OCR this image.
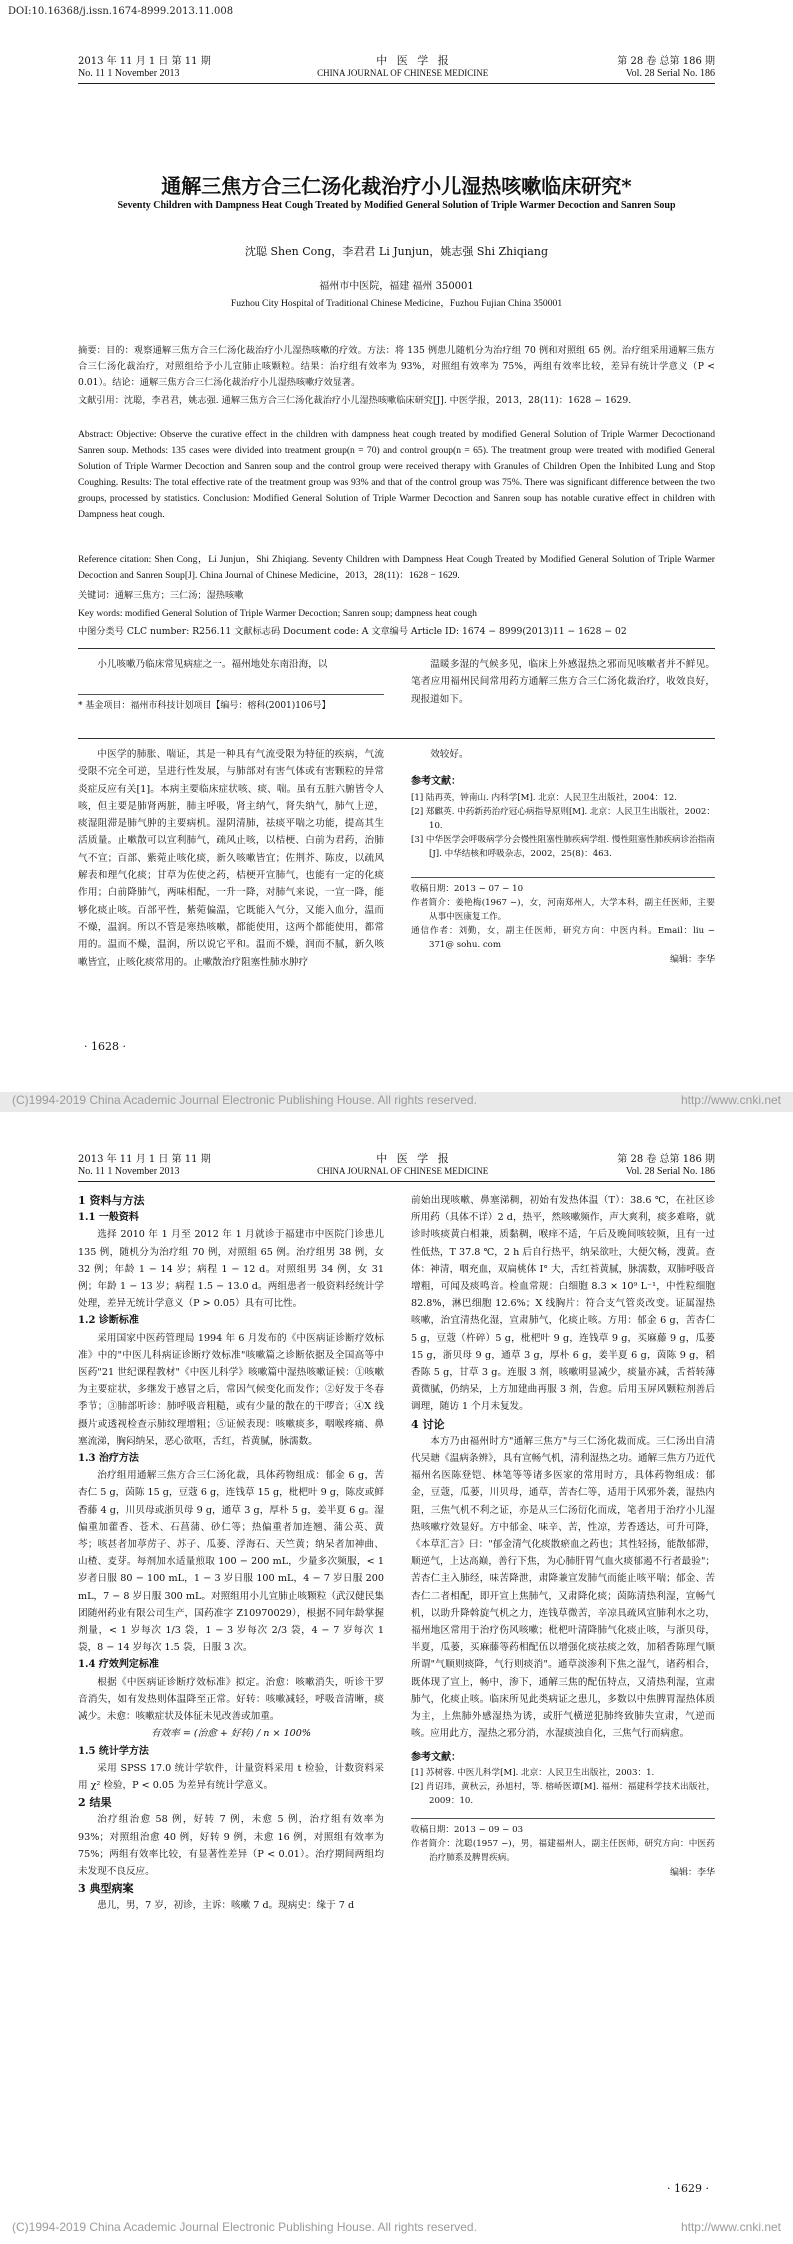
DOI:10.16368/j.issn.1674-8999.2013.11.008
2013 年 11 月 1 日 第 11 期	中 医 学 报	第 28 卷 总第 186 期
No. 11 1 November 2013	CHINA JOURNAL OF CHINESE MEDICINE	Vol. 28 Serial No. 186
通解三焦方合三仁汤化裁治疗小儿湿热咳嗽临床研究*
Seventy Children with Dampness Heat Cough Treated by Modified General Solution of Triple Warmer Decoction and Sanren Soup
沈聪 Shen Cong，李君君 Li Junjun，姚志强 Shi Zhiqiang
福州市中医院，福建 福州 350001
Fuzhou City Hospital of Traditional Chinese Medicine，Fuzhou Fujian China 350001
摘要：目的：观察通解三焦方合三仁汤化裁治疗小儿湿热咳嗽的疗效。方法：将 135 例患儿随机分为治疗组 70 例和对照组 65 例。治疗组采用通解三焦方合三仁汤化裁治疗，对照组给予小儿宣肺止咳颗粒。结果：治疗组有效率为 93%，对照组有效率为 75%，两组有效率比较，差异有统计学意义（P < 0.01）。结论：通解三焦方合三仁汤化裁治疗小儿湿热咳嗽疗效显著。
文献引用：沈聪，李君君，姚志强. 通解三焦方合三仁汤化裁治疗小儿湿热咳嗽临床研究[J]. 中医学报，2013，28(11)：1628 − 1629.
Abstract: Objective: Observe the curative effect in the children with dampness heat cough treated by modified General Solution of Triple Warmer Decoctionand Sanren soup. Methods: 135 cases were divided into treatment group(n = 70) and control group(n = 65). The treatment group were treated with modified General Solution of Triple Warmer Decoction and Sanren soup and the control group were received therapy with Granules of Children Open the Inhibited Lung and Stop Coughing. Results: The total effective rate of the treatment group was 93% and that of the control group was 75%. There was significant difference between the two groups, processed by statistics. Conclusion: Modified General Solution of Triple Warmer Decoction and Sanren soup has notable curative effect in children with Dampness heat cough.
Reference citation: Shen Cong，Li Junjun，Shi Zhiqiang. Seventy Children with Dampness Heat Cough Treated by Modified General Solution of Triple Warmer Decoction and Sanren Soup[J]. China Journal of Chinese Medicine，2013，28(11)：1628 − 1629.
关键词：通解三焦方；三仁汤；湿热咳嗽
Key words: modified General Solution of Triple Warmer Decoction; Sanren soup; dampness heat cough
中图分类号 CLC number: R256.11 文献标志码 Document code: A 文章编号 Article ID: 1674 − 8999(2013)11 − 1628 − 02

小儿咳嗽乃临床常见病症之一。福州地处东南沿海，以	温暖多湿的气候多见，临床上外感湿热之邪而见咳嗽者并不鲜见。笔者应用福州民间常用药方通解三焦方合三仁汤化裁治疗，收效良好，现报道如下。

* 基金项目：福州市科技计划项目【编号：榕科(2001)106号】

中医学的肺胀、喘证，其是一种具有气流受限为特征的疾病，气流受限不完全可逆，呈进行性发展，与肺部对有害气体或有害颗粒的异常炎症反应有关[1]。本病主要临床症状咳、痰、喘。虽有五脏六腑皆令人咳，但主要是肺肾两脏，肺主呼吸，肾主纳气，肾失纳气，肺气上逆，痰湿阻滞是肺气肿的主要病机。湿阴清肺，祛痰平喘之功能，提高其生活质量。止嗽散可以宣利肺气，疏风止咳，以桔梗、白前为君药，治肺气不宣；百部、紫菀止咳化痰，新久咳嗽皆宜；佐荆芥、陈皮，以疏风解表和理气化痰；甘草为佐使之药，桔梗开宣肺气，也能有一定的化痰作用；白前降肺气，两味相配，一升一降，对肺气来说，一宣一降，能够化痰止咳。百部平性，紫菀偏温，它既能入气分，又能入血分，温而不燥，温润。所以不管是寒热咳嗽，都能使用，这两个都能使用，都常用的。温而不燥，温润，所以说它平和。温而不燥，润而不腻，新久咳嗽皆宜，止咳化痰常用的。止嗽散治疗阻塞性肺水肿疗

效较好。

参考文献：

[1] 陆再英，钟南山. 内科学[M]. 北京：人民卫生出版社，2004：12.
[2] 郑麒英. 中药新药治疗冠心病指导原则[M]. 北京：人民卫生出版社，2002：10.
[3] 中华医学会呼吸病学分会慢性阻塞性肺疾病学组. 慢性阻塞性肺疾病诊治指南[J]. 中华结核和呼吸杂志，2002，25(8)：463.
收稿日期：2013 − 07 − 10
作者简介：姜艳梅(1967 −)，女，河南郑州人，大学本科，副主任医师，主要从事中医康复工作。
通信作者：刘勤，女，副主任医师，研究方向：中医内科。Email：liu − 371@ sohu. com

编辑：李华

· 1628 ·
(C)1994-2019 China Academic Journal Electronic Publishing House. All rights reserved.	http://www.cnki.net
2013 年 11 月 1 日 第 11 期	中 医 学 报	第 28 卷 总第 186 期
No. 11 1 November 2013	CHINA JOURNAL OF CHINESE MEDICINE	Vol. 28 Serial No. 186

1 资料与方法

1.1 一般资料

选择 2010 年 1 月至 2012 年 1 月就诊于福建市中医院门诊患儿 135 例，随机分为治疗组 70 例，对照组 65 例。治疗组男 38 例，女 32 例；年龄 1 − 14 岁；病程 1 − 12 d。对照组男 34 例，女 31 例；年龄 1 − 13 岁；病程 1.5 − 13.0 d。两组患者一般资料经统计学处理，差异无统计学意义（P > 0.05）具有可比性。

1.2 诊断标准

采用国家中医药管理局 1994 年 6 月发布的《中医病证诊断疗效标准》中的"中医儿科病证诊断疗效标准"咳嗽篇之诊断依据及全国高等中医药"21 世纪课程教材"《中医儿科学》咳嗽篇中湿热咳嗽证候：①咳嗽为主要症状，多继发于感冒之后，常因气候变化而发作；②好发于冬春季节；③肺部听诊：肺呼吸音粗糙，或有少量的散在的干啰音；④X 线摄片或透视检查示肺纹理增粗；⑤证候表现：咳嗽痰多，咽喉疼痛、鼻塞流涕，胸闷纳呆，恶心欲呕，舌红，苔黄腻，脉濡数。

1.3 治疗方法

治疗组用通解三焦方合三仁汤化裁，具体药物组成：郁金 6 g，苦杏仁 5 g，茵陈 15 g，豆蔻 6 g，连钱草 15 g，枇杷叶 9 g，陈皮或鲜香藤 4 g，川贝母或浙贝母 9 g，通草 3 g，厚朴 5 g，姜半夏 6 g。湿偏重加藿香、苍术、石菖蒲、砂仁等；热偏重者加连翘、蒲公英、黄芩；咳甚者加葶苈子、苏子、瓜蒌、浮海石、天竺黄；纳呆者加神曲、山楂、麦芽。每剂加水适量煎取 100 − 200 mL，少量多次频服，< 1 岁者日服 80 − 100 mL，1 − 3 岁日服 100 mL，4 − 7 岁日服 200 mL，7 − 8 岁日服 300 mL。对照组用小儿宣肺止咳颗粒（武汉健民集团随州药业有限公司生产，国药准字 Z10970029），根据不同年龄掌握剂量，< 1 岁每次 1/3 袋，1 − 3 岁每次 2/3 袋，4 − 7 岁每次 1 袋，8 − 14 岁每次 1.5 袋，日服 3 次。

1.4 疗效判定标准

根据《中医病证诊断疗效标准》拟定。治愈：咳嗽消失，听诊干罗音消失，如有发热则体温降至正常。好转：咳嗽减轻，呼吸音清晰，痰减少。未愈：咳嗽症状及体征未见改善或加重。

有效率 = (治愈 + 好转) / n × 100%

1.5 统计学方法

采用 SPSS 17.0 统计学软件，计量资料采用 t 检验，计数资料采用 χ² 检验，P < 0.05 为差异有统计学意义。

2 结果

治疗组治愈 58 例，好转 7 例，未愈 5 例，治疗组有效率为 93%；对照组治愈 40 例，好转 9 例，未愈 16 例，对照组有效率为 75%；两组有效率比较，有显著性差异（P < 0.01）。治疗期间两组均未发现不良反应。

3 典型病案

患儿，男，7 岁，初诊，主诉：咳嗽 7 d。现病史：缘于 7 d

前始出现咳嗽、鼻塞涕稠，初始有发热体温（T）：38.6 ℃，在社区诊所用药（具体不详）2 d，热平，然咳嗽频作，声大爽利，痰多难咯，就诊时咳痰黄白相兼，质黏稠，喉痒不适，午后及晚间咳较频，且有一过性低热，T 37.8 ℃，2 h 后自行热平，纳呆欲吐，大便欠畅，溲黄。查体：神清，咽充血，双扁桃体 I° 大，舌红苔黄腻，脉濡数，双肺呼吸音增粗，可闻及痰鸣音。检血常规：白细胞 8.3 × 10⁹ L⁻¹，中性粒细胞 82.8%，淋巴细胞 12.6%；X 线胸片：符合支气管炎改变。证属湿热咳嗽，治宜清热化湿，宣肃肺气，化痰止咳。方用：郁金 6 g，苦杏仁 5 g，豆蔻（杵碎）5 g，枇杷叶 9 g，连钱草 9 g，买麻藤 9 g，瓜蒌 15 g，浙贝母 9 g，通草 3 g，厚朴 6 g，姜半夏 6 g，茵陈 9 g，稻香陈 5 g，甘草 3 g。连服 3 剂，咳嗽明显减少，痰量亦减，舌苔转薄黄微腻，仍纳呆，上方加建曲再服 3 剂，告愈。后用玉屏风颗粒剂善后调理，随访 1 个月未复发。

4 讨论

本方乃由福州时方"通解三焦方"与三仁汤化裁而成。三仁汤出自清代吴瑭《温病条辨》，具有宣畅气机，清利湿热之功。通解三焦方乃近代福州名医陈登铠、林笔等等诸多医家的常用时方，具体药物组成：郁金，豆蔻，瓜蒌，川贝母，通草，苦杏仁等，适用于风邪外袭，湿热内阻，三焦气机不利之证，亦是从三仁汤衍化而成，笔者用于治疗小儿湿热咳嗽疗效显好。方中郁金、味辛、苦，性凉，芳香透达，可升可降，《本草汇言》曰："郁金清气化痰散瘀血之药也；其性轻扬，能散郁滞，顺逆气，上达高巅，善行下焦，为心肺肝胃气血火痰郁遏不行者最验"；苦杏仁主入肺经，味苦降泄，肃降兼宣发肺气而能止咳平喘；郁金、苦杏仁二者相配，即开宣上焦肺气，又肃降化痰；茵陈清热利湿，宣畅气机，以助升降斡旋气机之力，连钱草微苦，辛凉具疏风宣肺利水之功，福州地区常用于治疗伤风咳嗽；枇杷叶清降肺气化痰止咳，与浙贝母，半夏，瓜蒌，买麻藤等药相配伍以增强化痰祛痰之效，加稻香陈理气顺所谓"气顺则痰降，气行则痰消"。通草淡渗利下焦之湿气，诸药相合，既体现了宣上，畅中，渗下，通解三焦的配伍特点，又清热利湿，宣肃肺气，化痰止咳。临床所见此类病证之患儿，多数以中焦脾胃湿热体质为主，上焦肺外感湿热为诱，或肝气横逆犯肺终致肺失宣肃，气逆而咳。应用此方，湿热之邪分消，水湿痰浊自化，三焦气行而病愈。

参考文献：

[1] 苏树蓉. 中医儿科学[M]. 北京：人民卫生出版社，2003：1.
[2] 肖诏玮，黄秋云，孙旭村，等. 榕峤医谭[M]. 福州：福建科学技术出版社，2009：10.
收稿日期：2013 − 09 − 03
作者简介：沈聪(1957 −)，男，福建福州人，副主任医师，研究方向：中医药治疗肺系及脾胃疾病。

编辑：李华

· 1629 ·
(C)1994-2019 China Academic Journal Electronic Publishing House. All rights reserved.	http://www.cnki.net
